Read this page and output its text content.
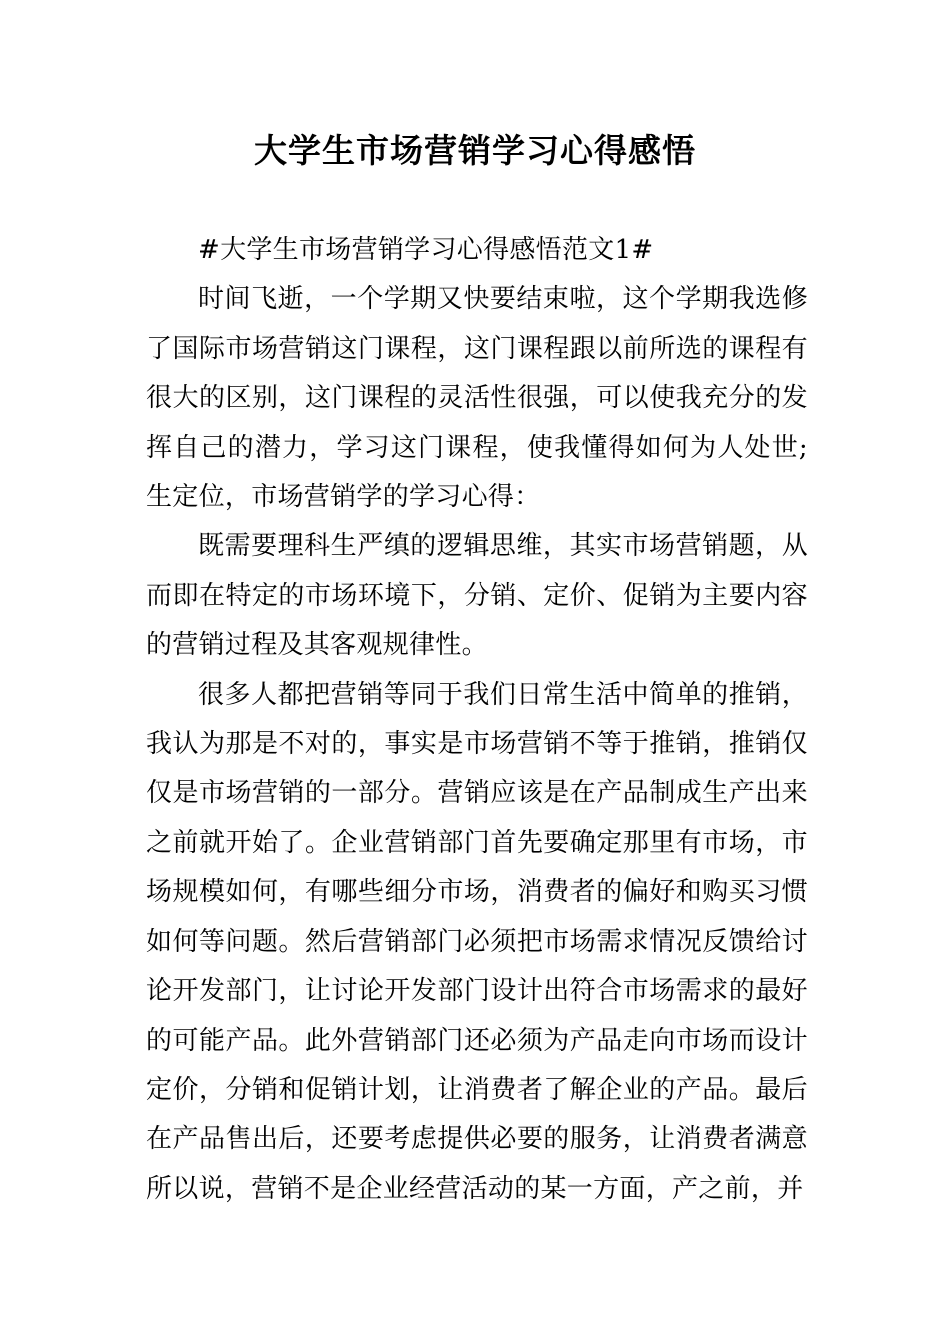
大学生市场营销学习心得感悟

#大学生市场营销学习心得感悟范文1#

时间飞逝，一个学期又快要结束啦，这个学期我选修了国际市场营销这门课程，这门课程跟以前所选的课程有很大的区别，这门课程的灵活性很强，可以使我充分的发挥自己的潜力，学习这门课程，使我懂得如何为人处世;生定位，市场营销学的学习心得：

既需要理科生严缜的逻辑思维，其实市场营销题，从而即在特定的市场环境下，分销、定价、促销为主要内容的营销过程及其客观规律性。

很多人都把营销等同于我们日常生活中简单的推销，我认为那是不对的，事实是市场营销不等于推销，推销仅仅是市场营销的一部分。营销应该是在产品制成生产出来之前就开始了。企业营销部门首先要确定那里有市场，市场规模如何，有哪些细分市场，消费者的偏好和购买习惯如何等问题。然后营销部门必须把市场需求情况反馈给讨论开发部门，让讨论开发部门设计出符合市场需求的最好的可能产品。此外营销部门还必须为产品走向市场而设计定价，分销和促销计划，让消费者了解企业的产品。最后在产品售出后，还要考虑提供必要的服务，让消费者满意所以说，营销不是企业经营活动的某一方面，产之前，并
